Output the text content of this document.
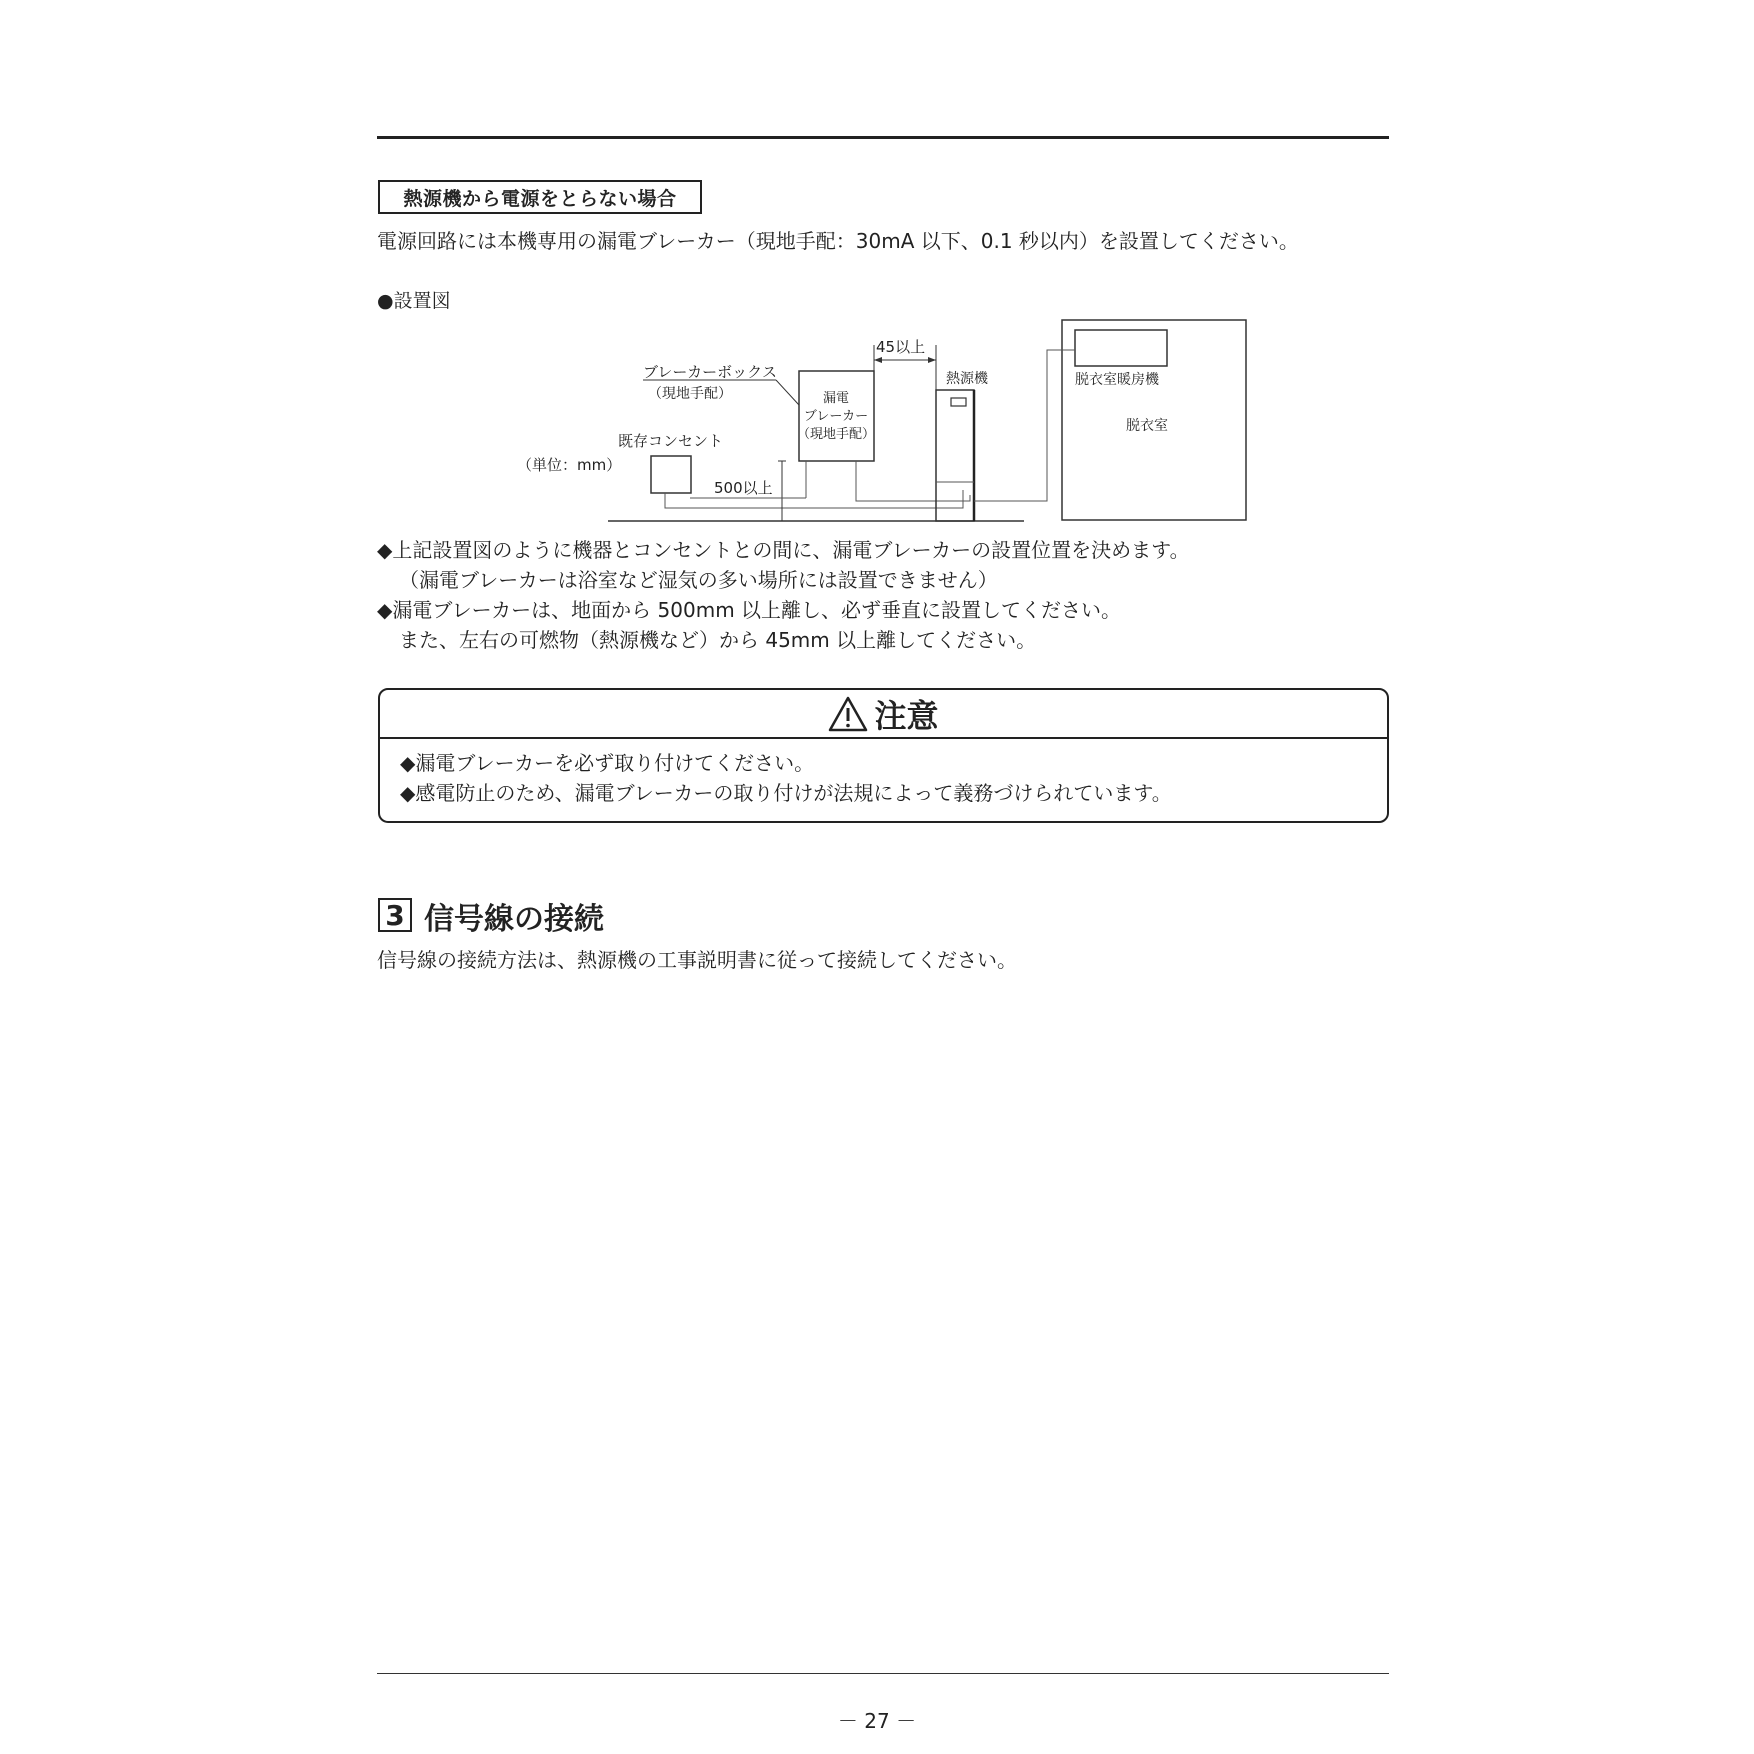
熱源機から電源をとらない場合
電源回路には本機専用の漏電ブレーカー（現地手配：30mA 以下、0.1 秒以内）を設置してください。
●設置図
ブレーカーボックス
（現地手配）	漏電
ブレーカー
（現地手配）
既存コンセント
（単位：mm）
500以上
45以上
熱源機	脱衣室暖房機
脱衣室
◆上記設置図のように機器とコンセントとの間に、漏電ブレーカーの設置位置を決めます。
（漏電ブレーカーは浴室など湿気の多い場所には設置できません）
◆漏電ブレーカーは、地面から 500mm 以上離し、必ず垂直に設置してください。
また、左右の可燃物（熱源機など）から 45mm 以上離してください。
注意
◆漏電ブレーカーを必ず取り付けてください。
◆感電防止のため、漏電ブレーカーの取り付けが法規によって義務づけられています。
3 信号線の接続
信号線の接続方法は、熱源機の工事説明書に従って接続してください。
－ 27 －
